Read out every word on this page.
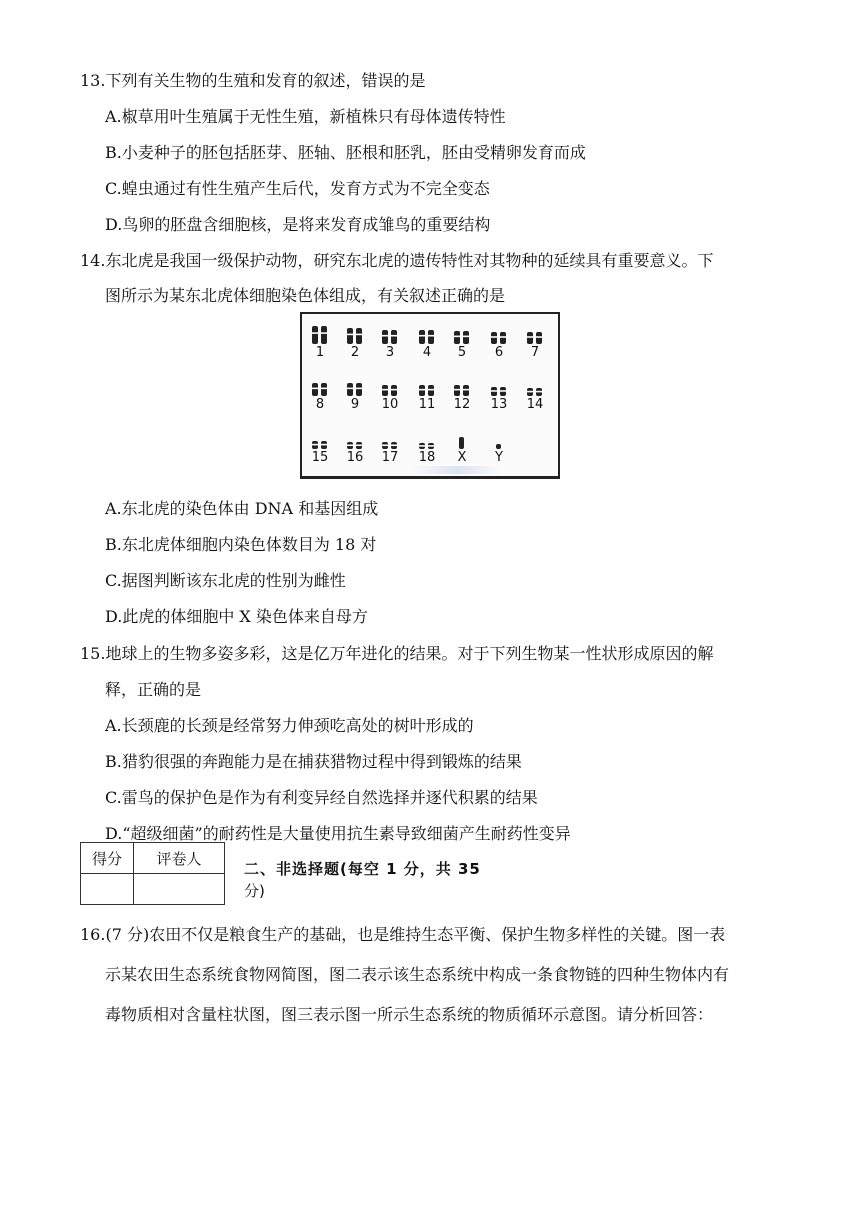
13.下列有关生物的生殖和发育的叙述，错误的是
A.椒草用叶生殖属于无性生殖，新植株只有母体遗传特性
B.小麦种子的胚包括胚芽、胚轴、胚根和胚乳，胚由受精卵发育而成
C.蝗虫通过有性生殖产生后代，发育方式为不完全变态
D.鸟卵的胚盘含细胞核，是将来发育成雏鸟的重要结构
14.东北虎是我国一级保护动物，研究东北虎的遗传特性对其物种的延续具有重要意义。下
图所示为某东北虎体细胞染色体组成，有关叙述正确的是
1	2	3	4	5	6	7
8	9	10	11	12	13	14
15	16	17	18	X	Y
A.东北虎的染色体由 DNA 和基因组成
B.东北虎体细胞内染色体数目为 18 对
C.据图判断该东北虎的性别为雌性
D.此虎的体细胞中 X 染色体来自母方
15.地球上的生物多姿多彩，这是亿万年进化的结果。对于下列生物某一性状形成原因的解
释，正确的是
A.长颈鹿的长颈是经常努力伸颈吃高处的树叶形成的
B.猎豹很强的奔跑能力是在捕获猎物过程中得到锻炼的结果
C.雷鸟的保护色是作为有利变异经自然选择并逐代积累的结果
D.“超级细菌”的耐药性是大量使用抗生素导致细菌产生耐药性变异
得分	评卷人

二、非选择题(每空 1 分，共 35
分)
16.(7 分)农田不仅是粮食生产的基础，也是维持生态平衡、保护生物多样性的关键。图一表
示某农田生态系统食物网简图，图二表示该生态系统中构成一条食物链的四种生物体内有
毒物质相对含量柱状图，图三表示图一所示生态系统的物质循环示意图。请分析回答：
